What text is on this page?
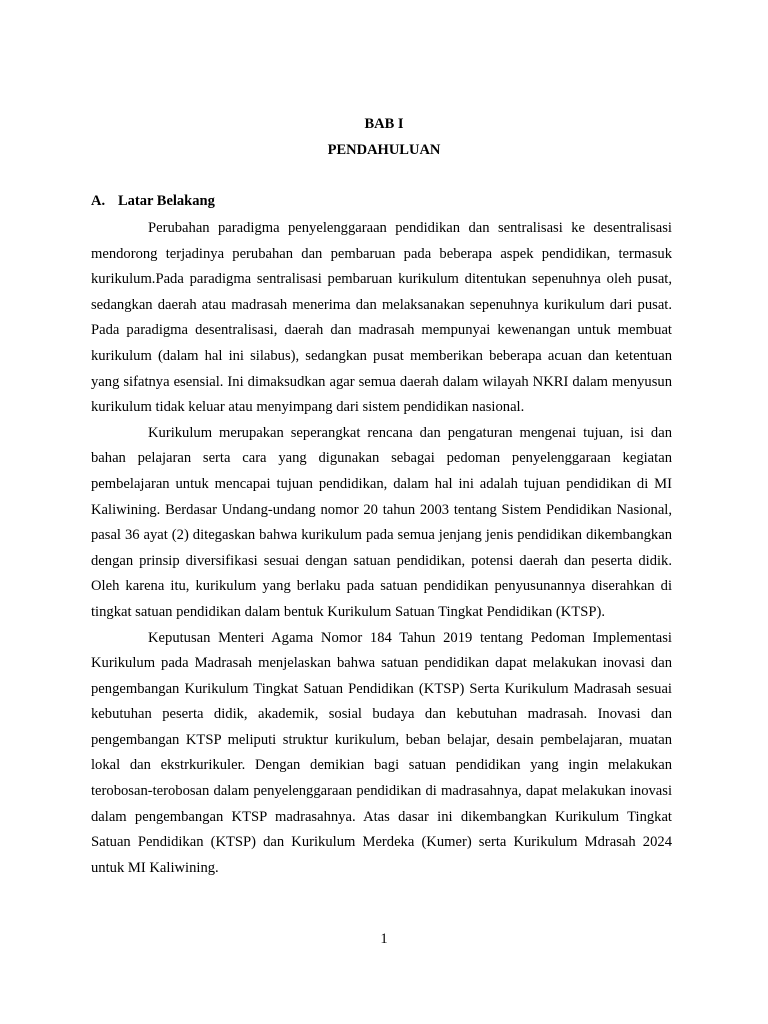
BAB I
PENDAHULUAN
A. Latar Belakang

Perubahan paradigma penyelenggaraan pendidikan dan sentralisasi ke desentralisasi mendorong terjadinya perubahan dan pembaruan pada beberapa aspek pendidikan, termasuk kurikulum.Pada paradigma sentralisasi pembaruan kurikulum ditentukan sepenuhnya oleh pusat, sedangkan daerah atau madrasah menerima dan melaksanakan sepenuhnya kurikulum dari pusat. Pada paradigma desentralisasi, daerah dan madrasah mempunyai kewenangan untuk membuat kurikulum (dalam hal ini silabus), sedangkan pusat memberikan beberapa acuan dan ketentuan yang sifatnya esensial. Ini dimaksudkan agar semua daerah dalam wilayah NKRI dalam menyusun kurikulum tidak keluar atau menyimpang dari sistem pendidikan nasional.

Kurikulum merupakan seperangkat rencana dan pengaturan mengenai tujuan, isi dan bahan pelajaran serta cara yang digunakan sebagai pedoman penyelenggaraan kegiatan pembelajaran untuk mencapai tujuan pendidikan, dalam hal ini adalah tujuan pendidikan di MI Kaliwining. Berdasar Undang-undang nomor 20 tahun 2003 tentang Sistem Pendidikan Nasional, pasal 36 ayat (2) ditegaskan bahwa kurikulum pada semua jenjang jenis pendidikan dikembangkan dengan prinsip diversifikasi sesuai dengan satuan pendidikan, potensi daerah dan peserta didik. Oleh karena itu, kurikulum yang berlaku pada satuan pendidikan penyusunannya diserahkan di tingkat satuan pendidikan dalam bentuk Kurikulum Satuan Tingkat Pendidikan (KTSP).

Keputusan Menteri Agama Nomor 184 Tahun 2019 tentang Pedoman Implementasi Kurikulum pada Madrasah menjelaskan bahwa satuan pendidikan dapat melakukan inovasi dan pengembangan Kurikulum Tingkat Satuan Pendidikan (KTSP) Serta Kurikulum Madrasah sesuai kebutuhan peserta didik, akademik, sosial budaya dan kebutuhan madrasah. Inovasi dan pengembangan KTSP meliputi struktur kurikulum, beban belajar, desain pembelajaran, muatan lokal dan ekstrkurikuler. Dengan demikian bagi satuan pendidikan yang ingin melakukan terobosan-terobosan dalam penyelenggaraan pendidikan di madrasahnya, dapat melakukan inovasi dalam pengembangan KTSP madrasahnya. Atas dasar ini dikembangkan Kurikulum Tingkat Satuan Pendidikan (KTSP) dan Kurikulum Merdeka (Kumer) serta Kurikulum Mdrasah 2024 untuk MI Kaliwining.

1
